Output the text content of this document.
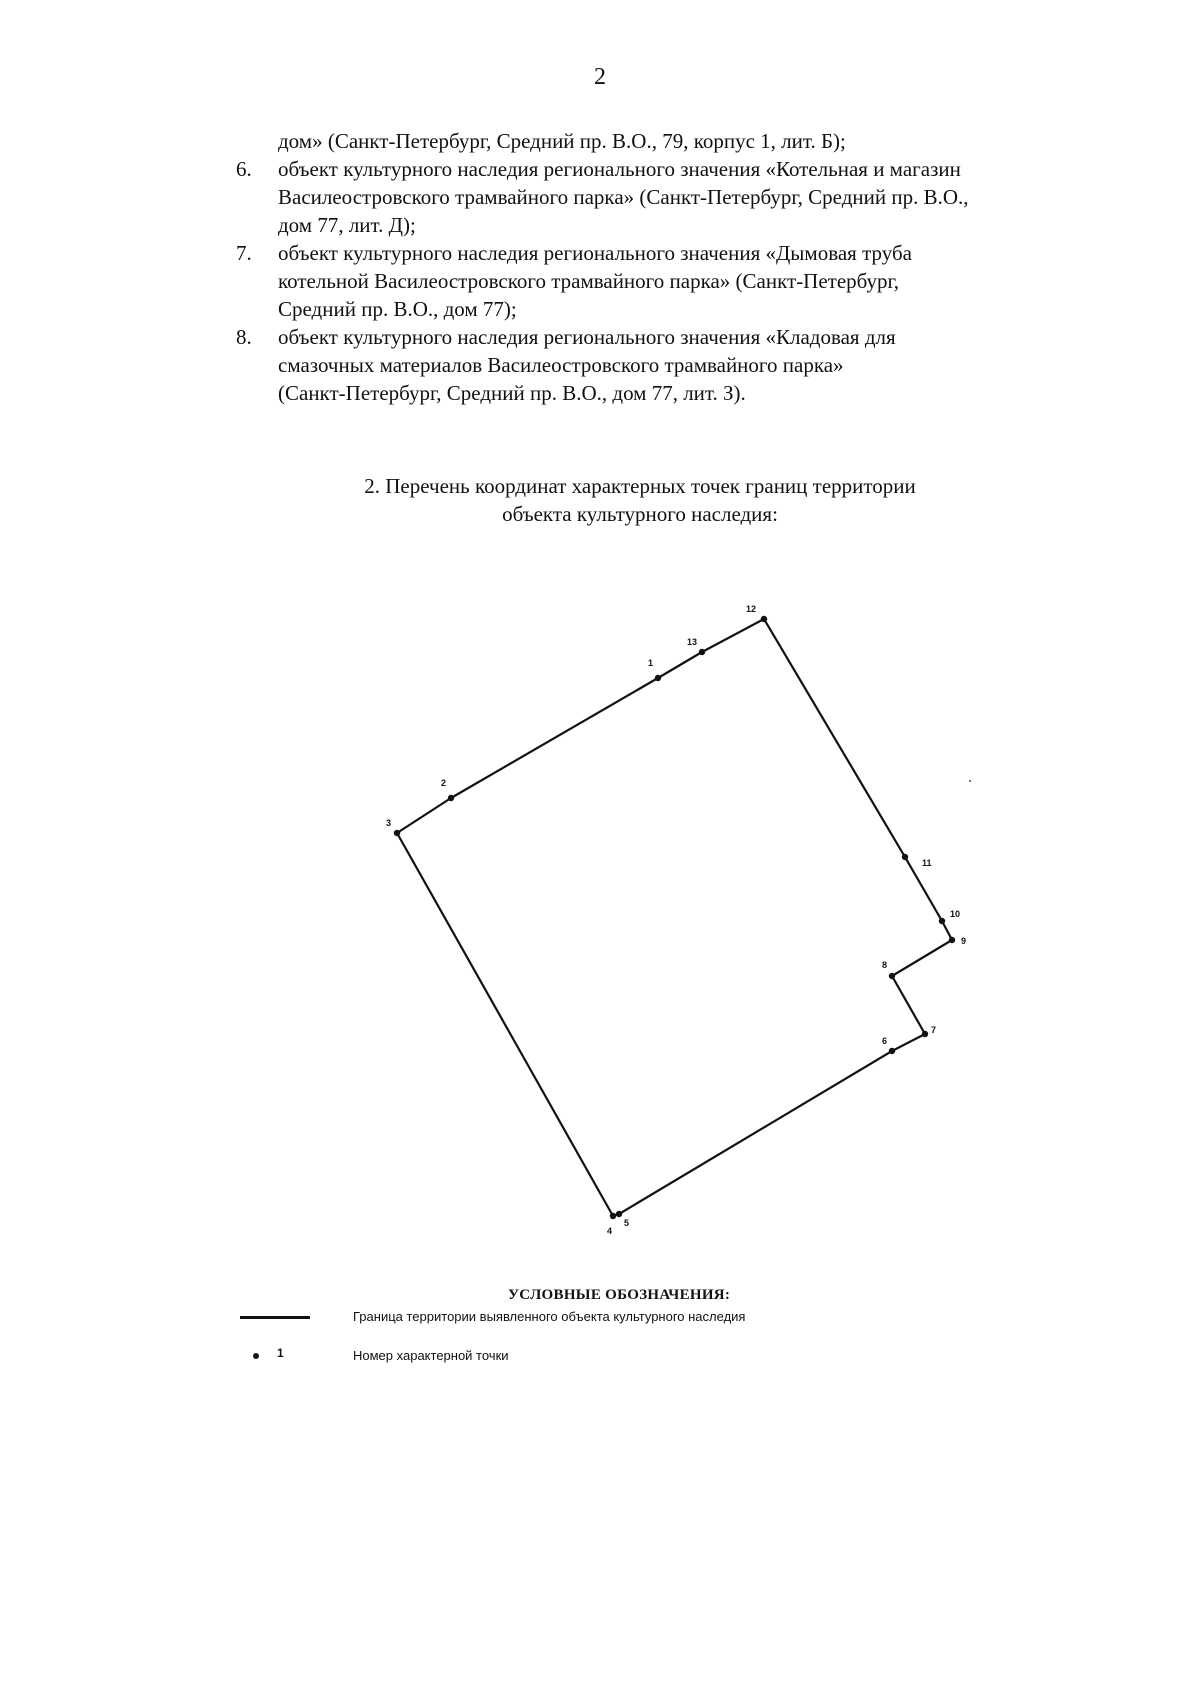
2
дом» (Санкт-Петербург, Средний пр. В.О., 79, корпус 1, лит. Б);
6.	объект культурного наследия регионального значения «Котельная и магазин
Василеостровского трамвайного парка» (Санкт-Петербург, Средний пр. В.О.,
дом 77, лит. Д);
7.	объект культурного наследия регионального значения «Дымовая труба
котельной Василеостровского трамвайного парка» (Санкт-Петербург,
Средний пр. В.О., дом 77);
8.	объект культурного наследия регионального значения «Кладовая для
смазочных материалов Василеостровского трамвайного парка»
(Санкт-Петербург, Средний пр. В.О., дом 77, лит. З).
2. Перечень координат характерных точек границ территории
объекта культурного наследия:
1
2
3
4
5
6
7
8
9
10
11
12
13
УСЛОВНЫЕ ОБОЗНАЧЕНИЯ:
Граница территории выявленного объекта культурного наследия
1	Номер характерной точки
